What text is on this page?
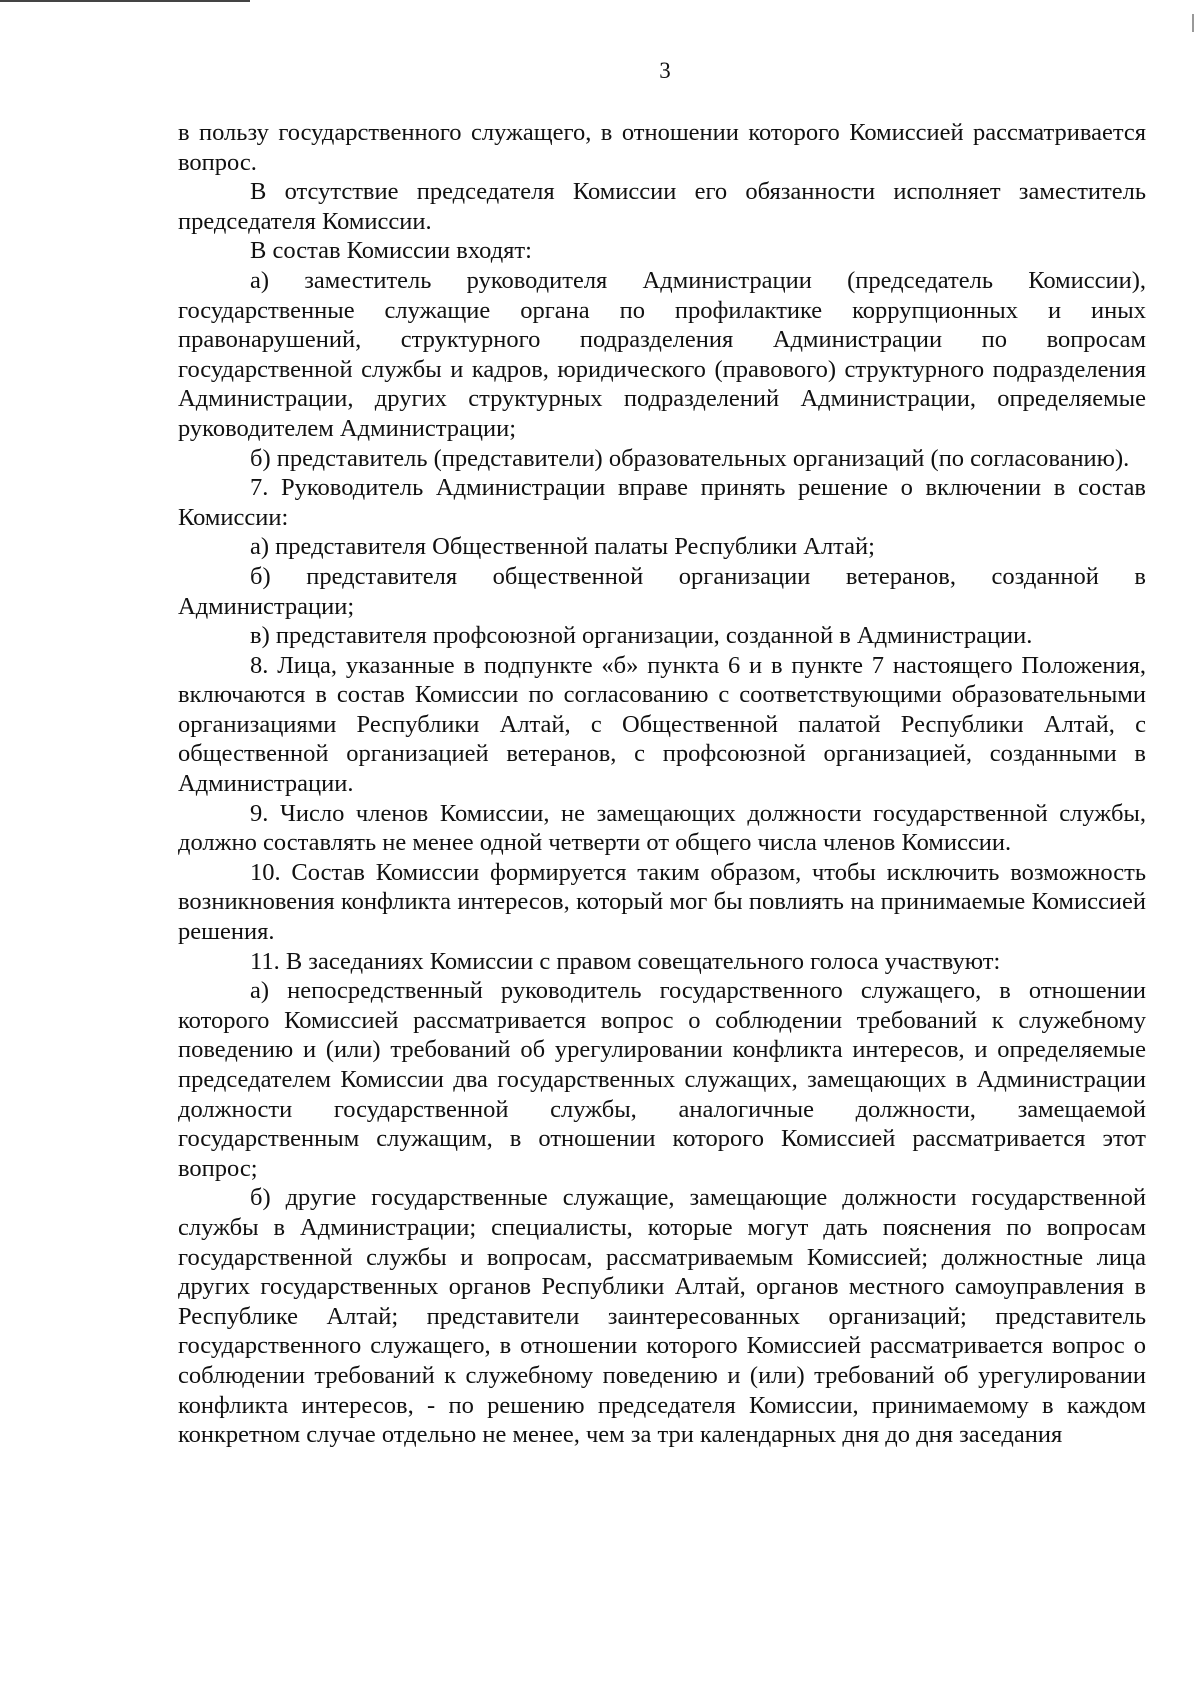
3

в пользу государственного служащего, в отношении которого Комиссией рассматривается вопрос.

В отсутствие председателя Комиссии его обязанности исполняет заместитель председателя Комиссии.

В состав Комиссии входят:

а) заместитель руководителя Администрации (председатель Комиссии), государственные служащие органа по профилактике коррупционных и иных правонарушений, структурного подразделения Администрации по вопросам государственной службы и кадров, юридического (правового) структурного подразделения Администрации, других структурных подразделений Администрации, определяемые руководителем Администрации;

б) представитель (представители) образовательных организаций (по согласованию).

7. Руководитель Администрации вправе принять решение о включении в состав Комиссии:

а) представителя Общественной палаты Республики Алтай;

б) представителя общественной организации ветеранов, созданной в Администрации;

в) представителя профсоюзной организации, созданной в Администрации.

8. Лица, указанные в подпункте «б» пункта 6 и в пункте 7 настоящего Положения, включаются в состав Комиссии по согласованию с соответствующими образовательными организациями Республики Алтай, с Общественной палатой Республики Алтай, с общественной организацией ветеранов, с профсоюзной организацией, созданными в Администрации.

9. Число членов Комиссии, не замещающих должности государственной службы, должно составлять не менее одной четверти от общего числа членов Комиссии.

10. Состав Комиссии формируется таким образом, чтобы исключить возможность возникновения конфликта интересов, который мог бы повлиять на принимаемые Комиссией решения.

11. В заседаниях Комиссии с правом совещательного голоса участвуют:

а) непосредственный руководитель государственного служащего, в отношении которого Комиссией рассматривается вопрос о соблюдении требований к служебному поведению и (или) требований об урегулировании конфликта интересов, и определяемые председателем Комиссии два государственных служащих, замещающих в Администрации должности государственной службы, аналогичные должности, замещаемой государственным служащим, в отношении которого Комиссией рассматривается этот вопрос;

б) другие государственные служащие, замещающие должности государственной службы в Администрации; специалисты, которые могут дать пояснения по вопросам государственной службы и вопросам, рассматриваемым Комиссией; должностные лица других государственных органов Республики Алтай, органов местного самоуправления в Республике Алтай; представители заинтересованных организаций; представитель государственного служащего, в отношении которого Комиссией рассматривается вопрос о соблюдении требований к служебному поведению и (или) требований об урегулировании конфликта интересов, - по решению председателя Комиссии, принимаемому в каждом конкретном случае отдельно не менее, чем за три календарных дня до дня заседания
